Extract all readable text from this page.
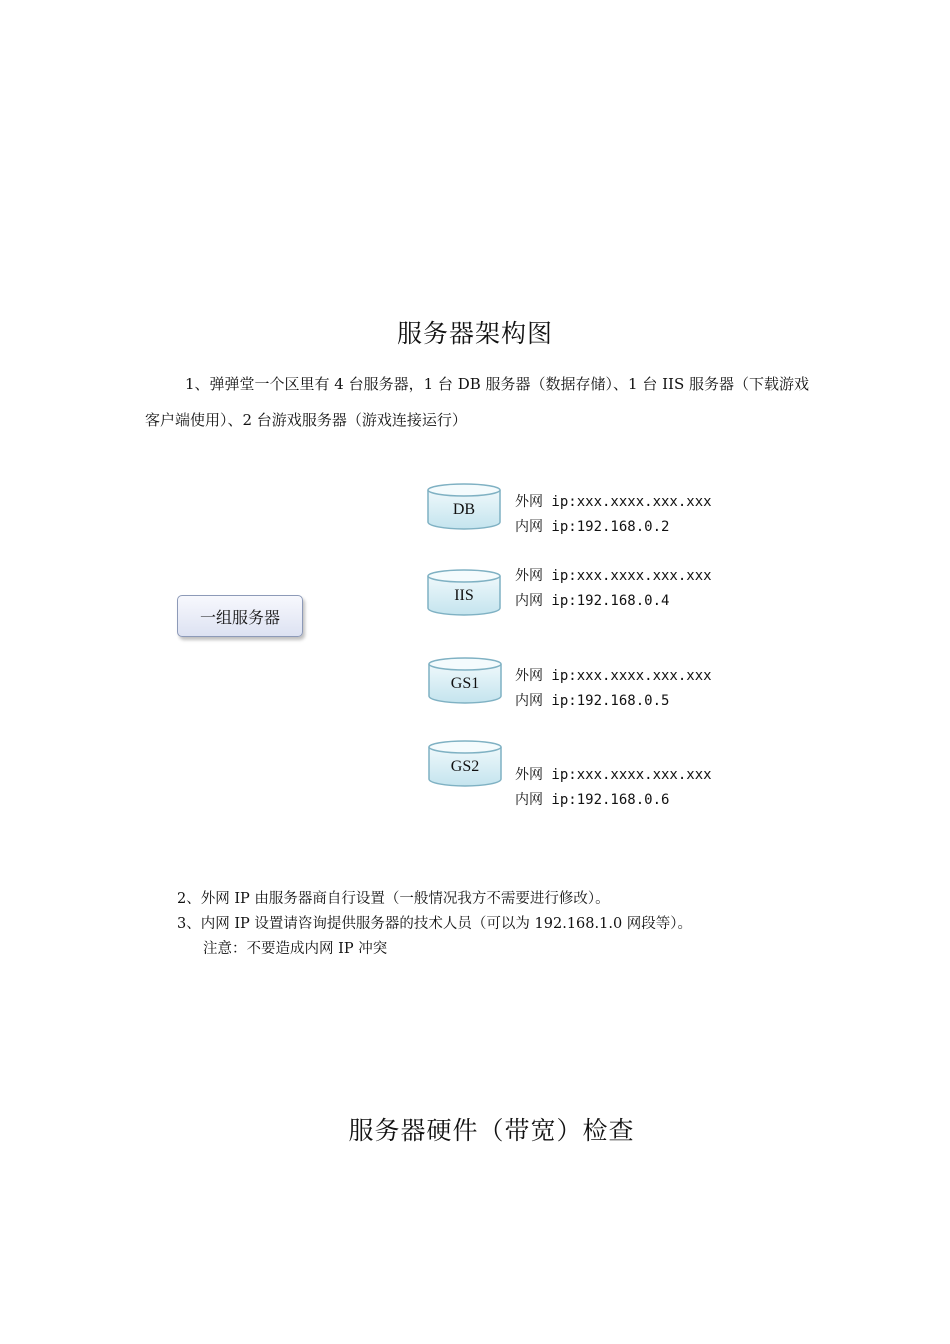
服务器架构图
1、弹弹堂一个区里有 4 台服务器，1 台 DB 服务器（数据存储）、1 台 IIS 服务器（下载游戏客户端使用）、2 台游戏服务器（游戏连接运行）
一组服务器
DB	外网 ip:xxx.xxxx.xxx.xxx
内网 ip:192.168.0.2
IIS
外网 ip:xxx.xxxx.xxx.xxx
内网 ip:192.168.0.4
GS1	外网 ip:xxx.xxxx.xxx.xxx
内网 ip:192.168.0.5
GS2	外网 ip:xxx.xxxx.xxx.xxx
内网 ip:192.168.0.6
2、外网 IP 由服务器商自行设置（一般情况我方不需要进行修改）。
3、内网 IP 设置请咨询提供服务器的技术人员（可以为 192.168.1.0 网段等）。
注意：不要造成内网 IP 冲突
服务器硬件（带宽）检查
